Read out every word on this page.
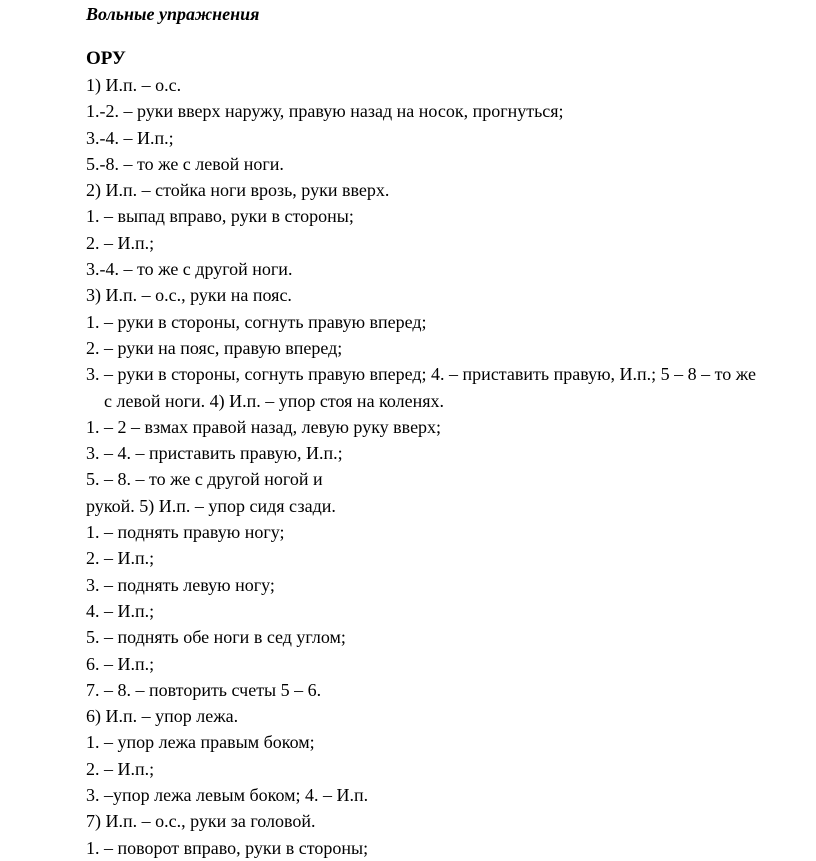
Вольные упражнения
ОРУ
1) И.п. – о.с.
1.-2. – руки вверх наружу, правую назад на носок, прогнуться;
3.-4. – И.п.;
5.-8. – то же с левой ноги.
2) И.п. – стойка ноги врозь, руки вверх.
1. – выпад вправо, руки в стороны;
2. – И.п.;
3.-4. – то же с другой ноги.
3) И.п. – о.с., руки на пояс.
1. – руки в стороны, согнуть правую вперед;
2. – руки на пояс, правую вперед;
3. – руки в стороны, согнуть правую вперед; 4. – приставить правую, И.п.; 5 – 8 – то же
с левой ноги. 4) И.п. – упор стоя на коленях.
1. – 2 – взмах правой назад, левую руку вверх;
3. – 4. – приставить правую, И.п.;
5. – 8. – то же с другой ногой и
рукой. 5) И.п. – упор сидя сзади.
1. – поднять правую ногу;
2. – И.п.;
3. – поднять левую ногу;
4. – И.п.;
5. – поднять обе ноги в сед углом;
6. – И.п.;
7. – 8. – повторить счеты 5 – 6.
6) И.п. – упор лежа.
1. – упор лежа правым боком;
2. – И.п.;
3. –упор лежа левым боком; 4. – И.п.
7) И.п. – о.с., руки за головой.
1. – поворот вправо, руки в стороны;
